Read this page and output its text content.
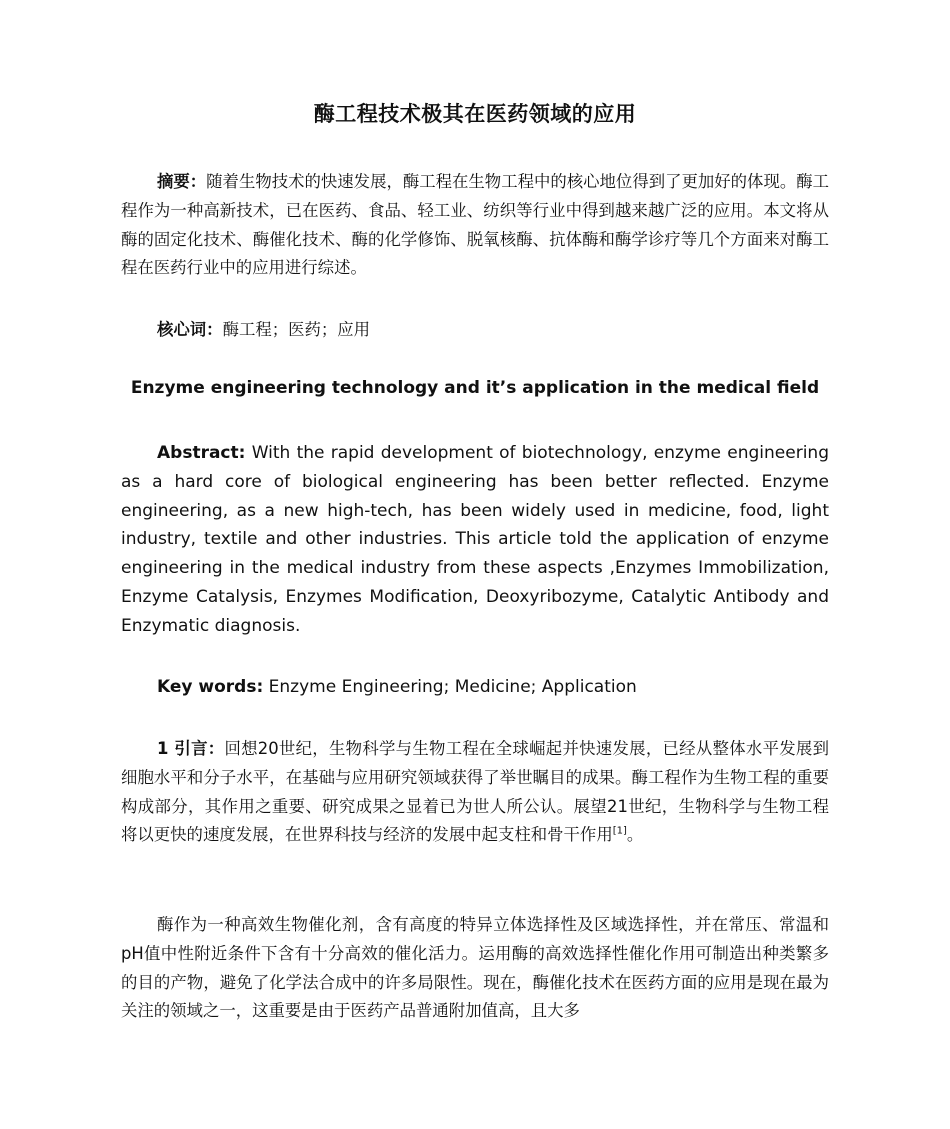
酶工程技术极其在医药领域的应用

摘要：随着生物技术的快速发展，酶工程在生物工程中的核心地位得到了更加好的体现。酶工程作为一种高新技术，已在医药、食品、轻工业、纺织等行业中得到越来越广泛的应用。本文将从酶的固定化技术、酶催化技术、酶的化学修饰、脱氧核酶、抗体酶和酶学诊疗等几个方面来对酶工程在医药行业中的应用进行综述。

核心词：酶工程；医药；应用

Enzyme engineering technology and it’s application in the medical field

Abstract: With the rapid development of biotechnology, enzyme engineering as a hard core of biological engineering has been better reflected. Enzyme engineering, as a new high-tech, has been widely used in medicine, food, light industry, textile and other industries. This article told the application of enzyme engineering in the medical industry from these aspects ,Enzymes Immobilization, Enzyme Catalysis, Enzymes Modification, Deoxyribozyme, Catalytic Antibody and Enzymatic diagnosis.

Key words: Enzyme Engineering; Medicine; Application

1 引言：回想20世纪，生物科学与生物工程在全球崛起并快速发展，已经从整体水平发展到细胞水平和分子水平，在基础与应用研究领域获得了举世瞩目的成果。酶工程作为生物工程的重要构成部分，其作用之重要、研究成果之显着已为世人所公认。展望21世纪，生物科学与生物工程将以更快的速度发展，在世界科技与经济的发展中起支柱和骨干作用[1]。

酶作为一种高效生物催化剂，含有高度的特异立体选择性及区域选择性，并在常压、常温和pH值中性附近条件下含有十分高效的催化活力。运用酶的高效选择性催化作用可制造出种类繁多的目的产物，避免了化学法合成中的许多局限性。现在，酶催化技术在医药方面的应用是现在最为关注的领域之一，这重要是由于医药产品普通附加值高，且大多
